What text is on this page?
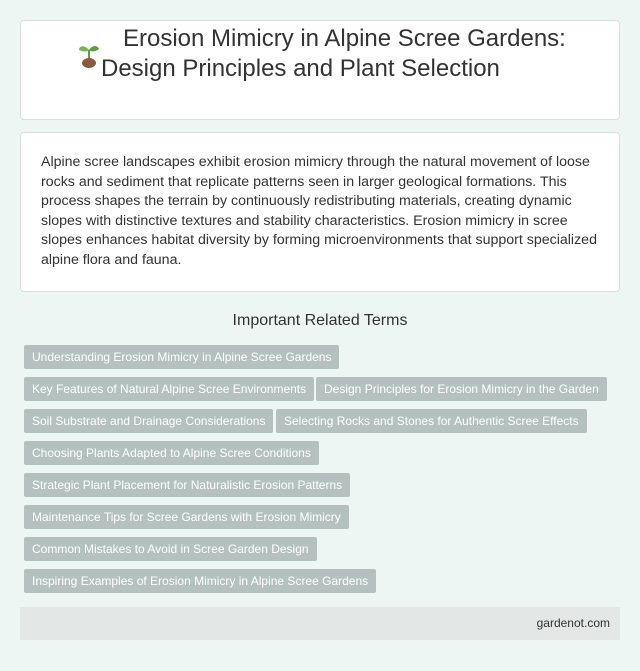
Erosion Mimicry in Alpine Scree Gardens:
Design Principles and Plant Selection
Alpine scree landscapes exhibit erosion mimicry through the natural movement of loose rocks and sediment that replicate patterns seen in larger geological formations. This process shapes the terrain by continuously redistributing materials, creating dynamic slopes with distinctive textures and stability characteristics. Erosion mimicry in scree slopes enhances habitat diversity by forming microenvironments that support specialized alpine flora and fauna.
Important Related Terms
Understanding Erosion Mimicry in Alpine Scree Gardens
Key Features of Natural Alpine Scree Environments	Design Principles for Erosion Mimicry in the Garden
Soil Substrate and Drainage Considerations	Selecting Rocks and Stones for Authentic Scree Effects
Choosing Plants Adapted to Alpine Scree Conditions
Strategic Plant Placement for Naturalistic Erosion Patterns
Maintenance Tips for Scree Gardens with Erosion Mimicry
Common Mistakes to Avoid in Scree Garden Design
Inspiring Examples of Erosion Mimicry in Alpine Scree Gardens
gardenot.com
